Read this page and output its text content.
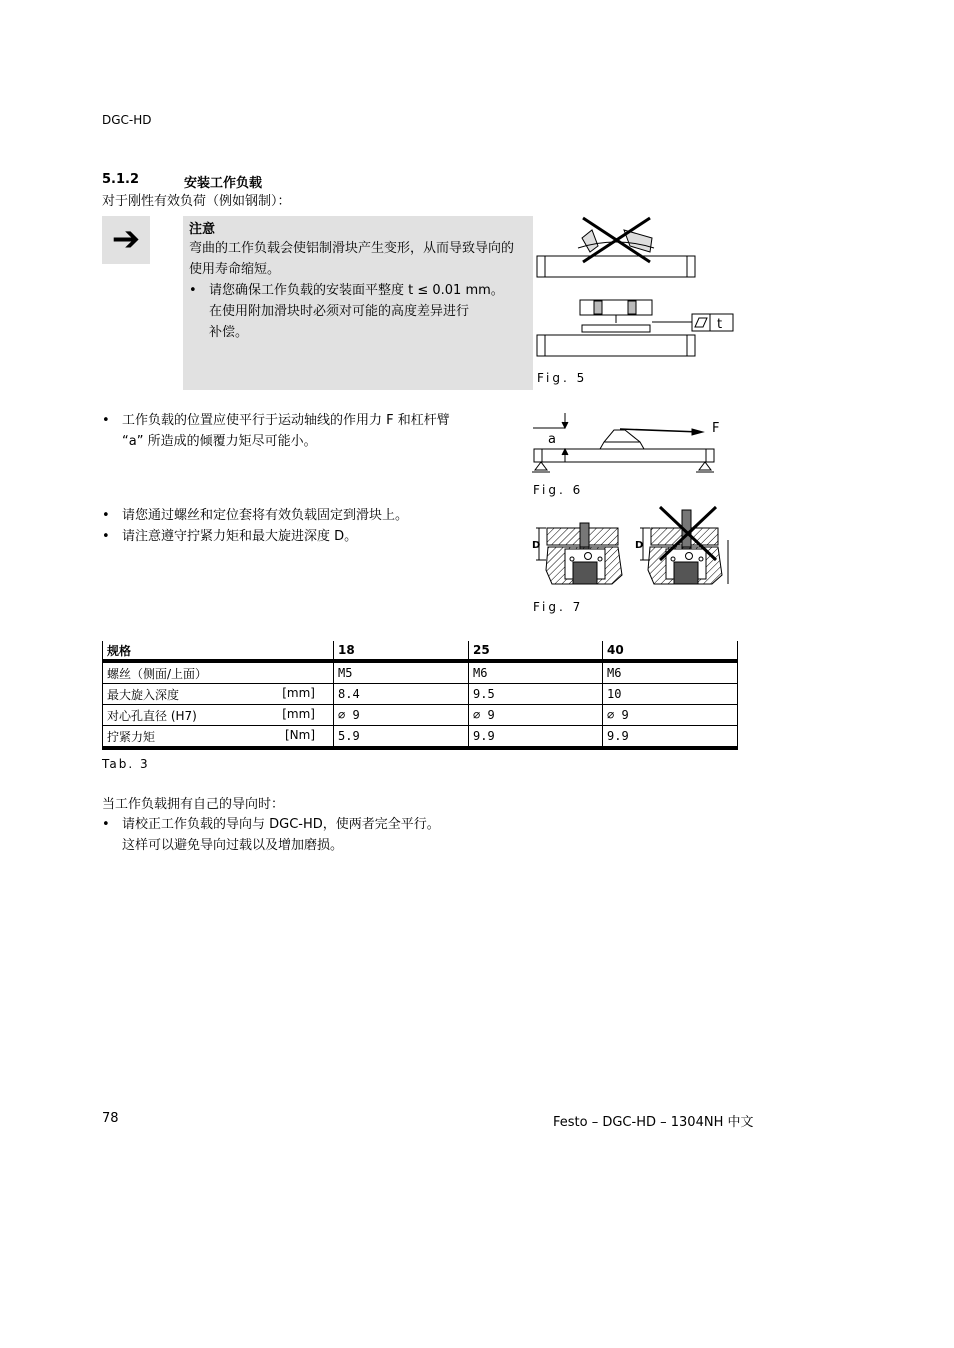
DGC-HD
5.1.2	安装工作负载
对于刚性有效负荷（例如钢制）：
➔	注意
弯曲的工作负载会使铝制滑块产生变形，从而导致导向的使用寿命缩短。
• 请您确保工作负载的安装面平整度 t ≤ 0.01 mm。
在使用附加滑块时必须对可能的高度差异进行
补偿。
t
Fig. 5
• 工作负载的位置应使平行于运动轴线的作用力 F 和杠杆臂
“a” 所造成的倾覆力矩尽可能小。	a
F
Fig. 6
• 请您通过螺丝和定位套将有效负载固定到滑块上。
• 请注意遵守拧紧力矩和最大旋进深度 D。
D	D
Fig. 7
规格	18	25	40
螺丝（侧面/上面）	M5	M6	M6
最大旋入深度 [mm]	8.4	9.5	10
对心孔直径 (H7) [mm]	∅ 9	∅ 9	∅ 9
拧紧力矩 [Nm]	5.9	9.9	9.9
Tab. 3
当工作负载拥有自己的导向时：
• 请校正工作负载的导向与 DGC-HD，使两者完全平行。
这样可以避免导向过载以及增加磨损。
78	Festo – DGC-HD – 1304NH 中文
